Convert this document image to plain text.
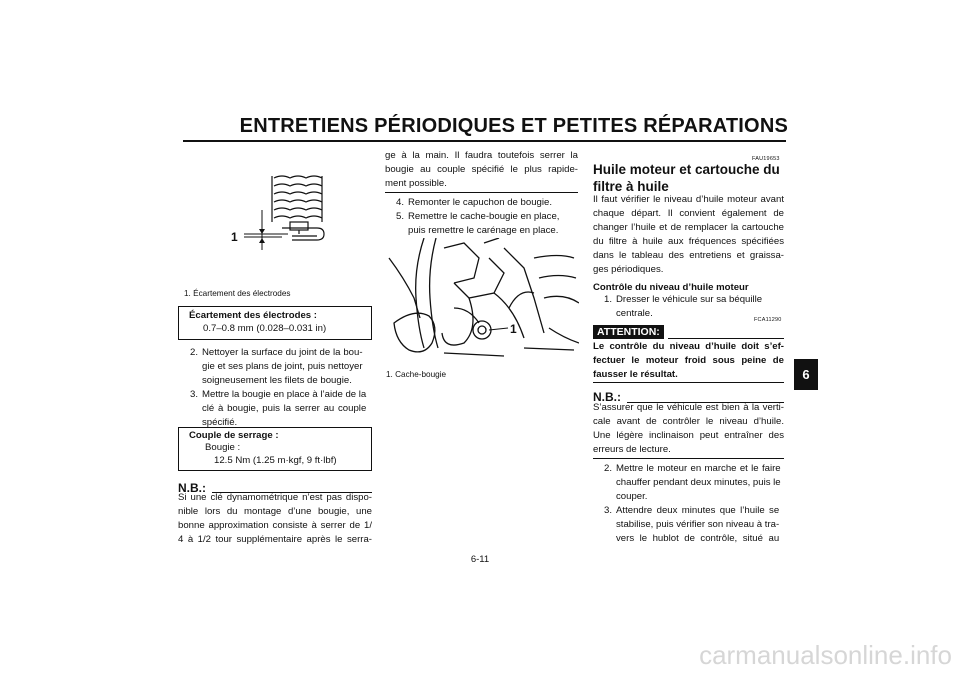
ENTRETIENS PÉRIODIQUES ET PETITES RÉPARATIONS
6
1
1. Écartement des électrodes
Écartement des électrodes :
0.7–0.8 mm (0.028–0.031 in)
2. Nettoyer la surface du joint de la bou-
gie et ses plans de joint, puis nettoyer
soigneusement les filets de bougie.
3. Mettre la bougie en place à l’aide de la
clé à bougie, puis la serrer au couple
spécifié.
Couple de serrage :
Bougie :
12.5 Nm (1.25 m·kgf, 9 ft·lbf)
N.B.:
Si une clé dynamométrique n’est pas dispo-
nible lors du montage d’une bougie, une
bonne approximation consiste à serrer de 1/
4 à 1/2 tour supplémentaire après le serra-
ge à la main. Il faudra toutefois serrer la
bougie au couple spécifié le plus rapide-
ment possible.
4. Remonter le capuchon de bougie.
5. Remettre le cache-bougie en place,
puis remettre le carénage en place.
1
1. Cache-bougie
FAU19653
Huile moteur et cartouche du
filtre à huile
Il faut vérifier le niveau d’huile moteur avant
chaque départ. Il convient également de
changer l’huile et de remplacer la cartouche
du filtre à huile aux fréquences spécifiées
dans le tableau des entretiens et graissa-
ges périodiques.
Contrôle du niveau d’huile moteur
1. Dresser le véhicule sur sa béquille
centrale.
FCA11290
ATTENTION:
Le contrôle du niveau d’huile doit s’ef-
fectuer le moteur froid sous peine de
fausser le résultat.
N.B.:
S’assurer que le véhicule est bien à la verti-
cale avant de contrôler le niveau d’huile.
Une légère inclinaison peut entraîner des
erreurs de lecture.
2. Mettre le moteur en marche et le faire
chauffer pendant deux minutes, puis le
couper.
3. Attendre deux minutes que l’huile se
stabilise, puis vérifier son niveau à tra-
vers le hublot de contrôle, situé au
6-11
carmanualsonline.info
